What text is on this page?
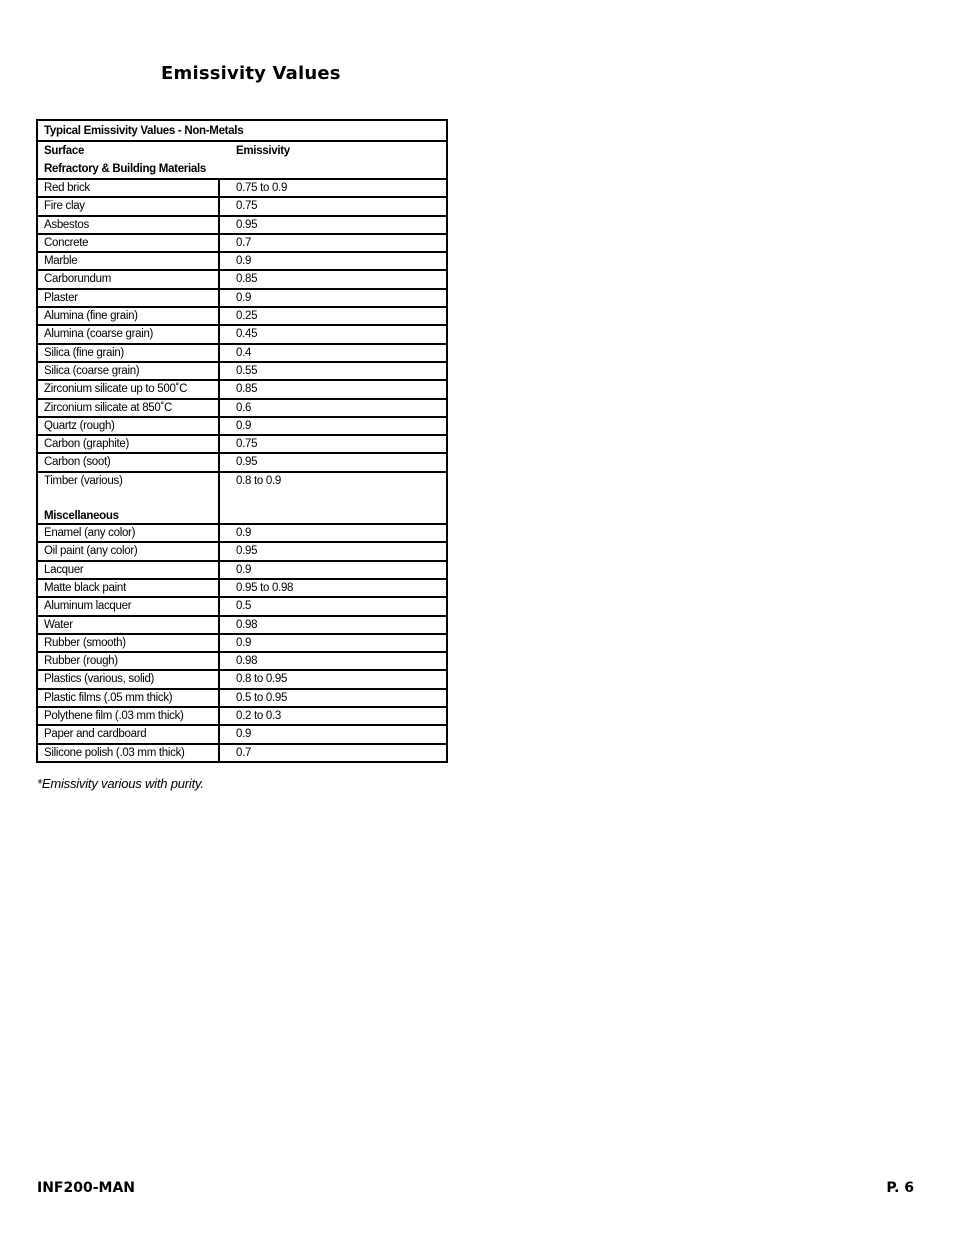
Emissivity Values
Typical Emissivity Values - Non-Metals
Surface	Emissivity
Refractory & Building Materials
Red brick	0.75 to 0.9
Fire clay	0.75
Asbestos	0.95
Concrete	0.7
Marble	0.9
Carborundum	0.85
Plaster	0.9
Alumina (fine grain)	0.25
Alumina (coarse grain)	0.45
Silica (fine grain)	0.4
Silica (coarse grain)	0.55
Zirconium silicate up to 500˚C	0.85
Zirconium silicate at 850˚C	0.6
Quartz (rough)	0.9
Carbon (graphite)	0.75
Carbon (soot)	0.95
Timber (various)	0.8 to 0.9
Miscellaneous
Enamel (any color)	0.9
Oil paint (any color)	0.95
Lacquer	0.9
Matte black paint	0.95 to 0.98
Aluminum lacquer	0.5
Water	0.98
Rubber (smooth)	0.9
Rubber (rough)	0.98
Plastics (various, solid)	0.8 to 0.95
Plastic films (.05 mm thick)	0.5 to 0.95
Polythene film (.03 mm thick)	0.2 to 0.3
Paper and cardboard	0.9
Silicone polish (.03 mm thick)	0.7
*Emissivity various with purity.
INF200-MAN	P. 6
